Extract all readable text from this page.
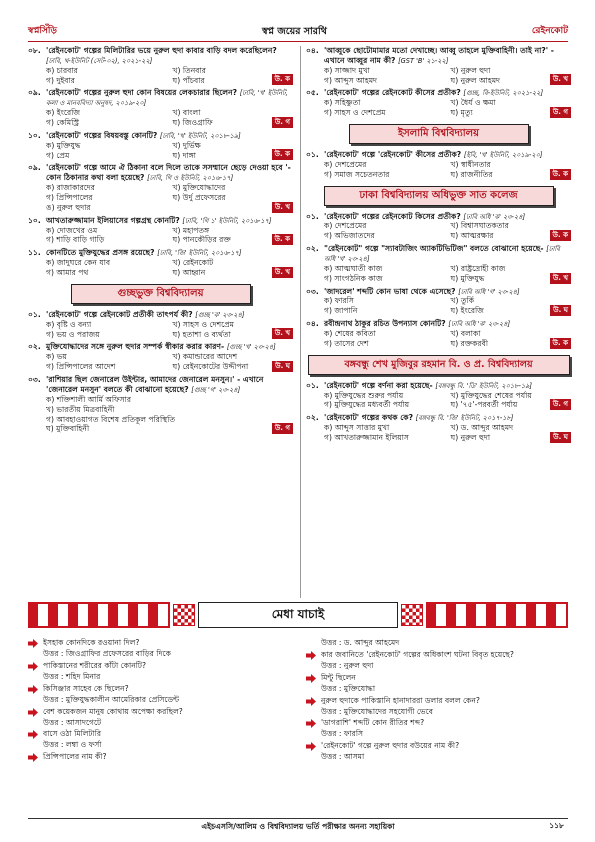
স্বপ্নসিঁড়ি	স্বপ্ন জয়ের সারথি	রেইনকোট
০৮. 'রেইনকোট' গল্পের মিলিটারির ভয়ে নুরুল হুদা কাবার বাড়ি বদল করেছিলেন? [ঢাবি, খ-ইউনিট (সেট-০২), ২০২১-২২]
ক) চারবার	খ) তিনবার
গ) দুইবার	ঘ) পাঁচবার	উ. ক
০৯. 'রেইনকোট' গল্পের নুরুল হুদা কোন বিষয়ের লেকচারার ছিলেন? [ঢাবি, 'খ' ইউনিট, কলা ও মানববিদ্যা অনুষদ, ২০১৯-২০]
ক) ইংরেজি	খ) বাংলা
গ) কেমিস্ট্রি	ঘ) জিওগ্রাফি	উ. গ
১০. 'রেইনকোট' গল্পের বিষয়বস্তু কোনটি? [ঢাবি, 'খ' ইউনিট, ২০১৮-১৯]
ক) মুক্তিযুদ্ধ	খ) দুর্ভিক্ষ
গ) প্রেম	ঘ) দাঙ্গা	উ. ক
০৯. 'রেইনকোট' গল্পে আমে ঐ ঠিকানা বলে দিলে তাকে সসম্মানে ছেড়ে দেওয়া হবে '-কোন ঠিকানার কথা বলা হয়েছে? [ঢাবি, গি ও ইউনিট, ২০১৬-১৭]
ক) রাজাকারদের	খ) মুক্তিযোদ্ধাদের
গ) প্রিন্সিপালের	ঘ) উর্দু প্রফেসরের
ঙ) নুরুল হুদার	উ. খ
১০. আখতারুজ্জামান ইলিয়াসের গল্পগ্রন্থ কোনটি? [ঢাবি, 'গি ১' ইউনিট, ২০১৬-১৭]
ক) দোজখের ওম	খ) মহাপতঙ্গ
গ) শাড়ি বাড়ি গাড়ি	ঘ) পানকৌড়ির রক্ত	উ. ক
১১. কোনটিতে মুক্তিযুদ্ধের প্রসঙ্গ রয়েছে? [ঢাবি, 'জি' ইউনিট, ২০১৬-১৭]
ক) জাদুঘরে কেন যাব	খ) রেইনকোট
গ) আমার পথ	ঘ) আহ্বান	উ. খ
গুচ্ছভুক্ত বিশ্ববিদ্যালয়
০১. 'রেইনকোট' গল্পে রেইনকোট প্রতীকী তাৎপর্য কী? [গুচ্ছ 'ক' ২৩-২৪]
ক) বৃষ্টি ও বন্যা	খ) সাহস ও দেশপ্রেম
গ) ভয় ও পরাজয়	ঘ) হতাশা ও ব্যর্থতা	উ. খ
০২. মুক্তিযোদ্ধাদের সঙ্গে নুরুল হুদার সম্পর্ক স্বীকার করার কারণ- [গুচ্ছ 'খ' ২৩-২৪]
ক) ভয়	খ) কমান্ডারের আদেশ
গ) প্রিন্সিপালের আদেশ	ঘ) রেইনকোটের উদ্দীপনা	উ. ঘ
০৩. 'রাশিয়ার ছিল জেনারেল উইন্টার, আমাদের জেনারেল মনসুন।' - এখানে 'জেনারেল মনসুন' বলতে কী বোঝানো হয়েছে? [গুচ্ছ 'গ' ২৩-২৪]
ক) শক্তিশালী আর্মি অফিসার
খ) ভারতীয় মিত্রবাহিনী
গ) আবহাওয়াগত বিশেষ প্রতিকূল পরিস্থিতি
ঘ) মুক্তিবাহিনী	উ. গ
০৪. 'আব্বুকে ছোটোমামার মতো দেখাচ্ছে। আব্বু তাহলে মুক্তিবাহিনী। তাই না?' - এখানে আব্বুর নাম কী? [GST 'B' ২১-২২]
ক) সাজ্জাদ মুখা	খ) নুরুল হুদা
গ) আব্দুস আহমদ	ঘ) নুরুল আহমদ	উ. খ
০৫. 'রেইনকোট' গল্পের রেইনকোট কীসের প্রতীক? [গুচ্ছ, বি-ইউনিট, ২০২১-২২]
ক) সহিষ্ণুতা	খ) ধৈর্য ও ক্ষমা
গ) সাহস ও দেশপ্রেম	ঘ) মৃত্যু	উ. গ
ইসলামি বিশ্ববিদ্যালয়
০১. 'রেইনকোট' গল্পে 'রেইনকোট' কীসের প্রতীক? [ইবি, 'খ' ইউনিট, ২০১৯-২০]
ক) দেশপ্রেমের	খ) স্বাধীনতার
গ) সমাজ সচেতনতার	ঘ) রাজনীতির	উ. ক
ঢাকা বিশ্ববিদ্যালয় অধিভুক্ত সাত কলেজ
০১. 'রেইনকোট' গল্পের রেইনকোট কিসের প্রতীক? [ঢাবি অধি 'ক' ২৩-২৪]
ক) দেশপ্রেমের	খ) বিশ্বাসঘাতকতার
গ) অভিজাতদের	ঘ) আত্মরক্ষার	উ. ক
০২. "রেইনকোট" গল্পে "স্যাবটাজিং অ্যাকটিভিটিজ" বলতে বোঝানো হয়েছে- [ঢাবি অধি 'খ' ২৩-২৪]
ক) আত্মঘাতী কাজ	খ) রাষ্ট্রদ্রোহী কাজ
গ) সাংগঠনিক কাজ	ঘ) মুক্তিযুদ্ধ	উ. খ
০৩. 'জাদরেল' শব্দটি কোন ভাষা থেকে এসেছে? [ঢাবি অধি 'গ' ২৩-২৪]
ক) ফারসি	খ) তুর্কি
গ) জাপানি	ঘ) ইংরেজি	উ. ঘ
০৪. রবীন্দ্রনাথ ঠাকুর রচিত উপন্যাস কোনটি? [ঢাবি অধি 'ক' ২৩-২৪]
ক) শেষের কবিতা	খ) বলাকা
গ) তাসের দেশ	ঘ) রক্তকরবী	উ. ক
বঙ্গবন্ধু শেখ মুজিবুর রহমান বি. ও প্র. বিশ্ববিদ্যালয়
০১. 'রেইনকোট' গল্পে বর্ণনা করা হয়েছে- [বঙ্গবন্ধু বি. 'ডি' ইউনিট, ২০১৮-১৯]
ক) মুক্তিযুদ্ধের শুরুর পর্যায়	খ) মুক্তিযুদ্ধের শেষের পর্যায়
গ) মুক্তিযুদ্ধের মধ্যবর্তী পর্যায়	ঘ) '৭৫'-পরবর্তী পর্যায়	উ. গ
০২. 'রেইনকোট' গল্পের কথক কে? [বঙ্গবন্ধু বি. 'জি' ইউনিট, ২০১৭-১৮]
ক) আব্দুস সাত্তার মুখা	খ) ড. আব্দুর আহমদ
গ) আখতারুজ্জামান ইলিয়াস	ঘ) নুরুল হুদা	উ. ঘ
মেধা যাচাই
ইসহাক কোনদিকে রওয়ানা দিল?
উত্তর : জিওগ্রাফির প্রফেসরের বাড়ির দিকে
পাকিস্তানের শরীরের কাঁটা কোনটি?
উত্তর : শহিদ মিনার
কিসিঞ্জার সাহেব কে ছিলেন?
উত্তর : মুক্তিযুদ্ধকালীন আমেরিকার প্রেসিডেন্ট
বেশ কয়েকজন মানুষ কোথায় অপেক্ষা করছিল?
উত্তর : আসাদগেটে
বাসে ওঠা মিলিটারি
উত্তর : লম্বা ও ফর্সা
প্রিন্সিপালের নাম কী?
উত্তর : ড. আব্দুর আহমেদ
কার জবানিতে 'রেইনকোট' গল্পের অধিকাংশ ঘটনা বিবৃত হয়েছে?
উত্তর : নুরুল হুদা
মিন্টু ছিলেন
উত্তর : মুক্তিযোদ্ধা
নুরুল হুদাকে পাকিস্তানি হানাদাররা ডলার বলল কেন?
উত্তর : মুক্তিযোদ্ধাদের সহযোগী ভেবে
'ডাগরাশি' শব্দটি কোন রীতির শব্দ?
উত্তর : ফারসি
'রেইনকোট' গল্পে নুরুল হুদার বউয়ের নাম কী?
উত্তর : আসমা
এইচএসসি/আলিম ও বিশ্ববিদ্যালয় ভর্তি পরীক্ষার অনন্য সহায়িকা	১১৮
